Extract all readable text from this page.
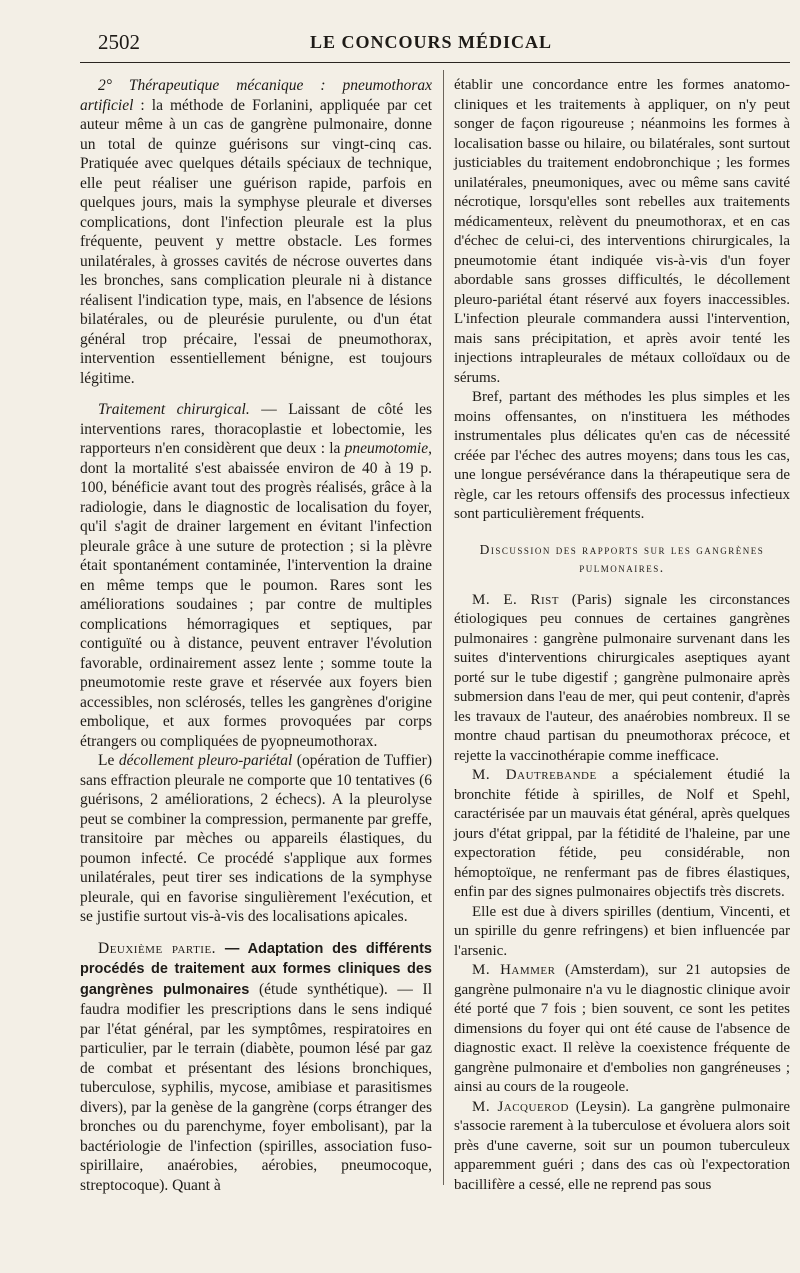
2502	LE CONCOURS MÉDICAL

2° Thérapeutique mécanique : pneumothorax artificiel : la méthode de Forlanini, appliquée par cet auteur même à un cas de gangrène pulmonaire, donne un total de quinze guérisons sur vingt-cinq cas. Pratiquée avec quelques détails spéciaux de technique, elle peut réaliser une guérison rapide, parfois en quelques jours, mais la symphyse pleurale et diverses complications, dont l'infection pleurale est la plus fréquente, peuvent y mettre obstacle. Les formes unilatérales, à grosses cavités de nécrose ouvertes dans les bronches, sans complication pleurale ni à distance réalisent l'indication type, mais, en l'absence de lésions bilatérales, ou de pleurésie purulente, ou d'un état général trop précaire, l'essai de pneumothorax, intervention essentiellement bénigne, est toujours légitime.

Traitement chirurgical. — Laissant de côté les interventions rares, thoracoplastie et lobectomie, les rapporteurs n'en considèrent que deux : la pneumotomie, dont la mortalité s'est abaissée environ de 40 à 19 p. 100, bénéficie avant tout des progrès réalisés, grâce à la radiologie, dans le diagnostic de localisation du foyer, qu'il s'agit de drainer largement en évitant l'infection pleurale grâce à une suture de protection ; si la plèvre était spontanément contaminée, l'intervention la draine en même temps que le poumon. Rares sont les améliorations soudaines ; par contre de multiples complications hémorragiques et septiques, par contiguïté ou à distance, peuvent entraver l'évolution favorable, ordinairement assez lente ; somme toute la pneumotomie reste grave et réservée aux foyers bien accessibles, non sclérosés, telles les gangrènes d'origine embolique, et aux formes provoquées par corps étrangers ou compliquées de pyopneumothorax.

Le décollement pleuro-pariétal (opération de Tuffier) sans effraction pleurale ne comporte que 10 tentatives (6 guérisons, 2 améliorations, 2 échecs). A la pleurolyse peut se combiner la compression, permanente par greffe, transitoire par mèches ou appareils élastiques, du poumon infecté. Ce procédé s'applique aux formes unilatérales, peut tirer ses indications de la symphyse pleurale, qui en favorise singulièrement l'exécution, et se justifie surtout vis-à-vis des localisations apicales.

Deuxième partie. — Adaptation des différents procédés de traitement aux formes cliniques des gangrènes pulmonaires (étude synthétique). — Il faudra modifier les prescriptions dans le sens indiqué par l'état général, par les symptômes, respiratoires en particulier, par le terrain (diabète, poumon lésé par gaz de combat et présentant des lésions bronchiques, tuberculose, syphilis, mycose, amibiase et parasitismes divers), par la genèse de la gangrène (corps étranger des bronches ou du parenchyme, foyer embolisant), par la bactériologie de l'infection (spirilles, association fuso-spirillaire, anaérobies, aérobies, pneumocoque, streptocoque). Quant à

établir une concordance entre les formes anatomo-cliniques et les traitements à appliquer, on n'y peut songer de façon rigoureuse ; néanmoins les formes à localisation basse ou hilaire, ou bilatérales, sont surtout justiciables du traitement endobronchique ; les formes unilatérales, pneumoniques, avec ou même sans cavité nécrotique, lorsqu'elles sont rebelles aux traitements médicamenteux, relèvent du pneumothorax, et en cas d'échec de celui-ci, des interventions chirurgicales, la pneumotomie étant indiquée vis-à-vis d'un foyer abordable sans grosses difficultés, le décollement pleuro-pariétal étant réservé aux foyers inaccessibles. L'infection pleurale commandera aussi l'intervention, mais sans précipitation, et après avoir tenté les injections intrapleurales de métaux colloïdaux ou de sérums.

Bref, partant des méthodes les plus simples et les moins offensantes, on n'instituera les méthodes instrumentales plus délicates qu'en cas de nécessité créée par l'échec des autres moyens; dans tous les cas, une longue persévérance dans la thérapeutique sera de règle, car les retours offensifs des processus infectieux sont particulièrement fréquents.

Discussion des rapports sur les gangrènes pulmonaires.

M. E. Rist (Paris) signale les circonstances étiologiques peu connues de certaines gangrènes pulmonaires : gangrène pulmonaire survenant dans les suites d'interventions chirurgicales aseptiques ayant porté sur le tube digestif ; gangrène pulmonaire après submersion dans l'eau de mer, qui peut contenir, d'après les travaux de l'auteur, des anaérobies nombreux. Il se montre chaud partisan du pneumothorax précoce, et rejette la vaccinothérapie comme inefficace.

M. Dautrebande a spécialement étudié la bronchite fétide à spirilles, de Nolf et Spehl, caractérisée par un mauvais état général, après quelques jours d'état grippal, par la fétidité de l'haleine, par une expectoration fétide, peu considérable, non hémoptoïque, ne renfermant pas de fibres élastiques, enfin par des signes pulmonaires objectifs très discrets.

Elle est due à divers spirilles (dentium, Vincenti, et un spirille du genre refringens) et bien influencée par l'arsenic.

M. Hammer (Amsterdam), sur 21 autopsies de gangrène pulmonaire n'a vu le diagnostic clinique avoir été porté que 7 fois ; bien souvent, ce sont les petites dimensions du foyer qui ont été cause de l'absence de diagnostic exact. Il relève la coexistence fréquente de gangrène pulmonaire et d'embolies non gangréneuses ; ainsi au cours de la rougeole.

M. Jacquerod (Leysin). La gangrène pulmonaire s'associe rarement à la tuberculose et évoluera alors soit près d'une caverne, soit sur un poumon tuberculeux apparemment guéri ; dans des cas où l'expectoration bacillifère a cessé, elle ne reprend pas sous
